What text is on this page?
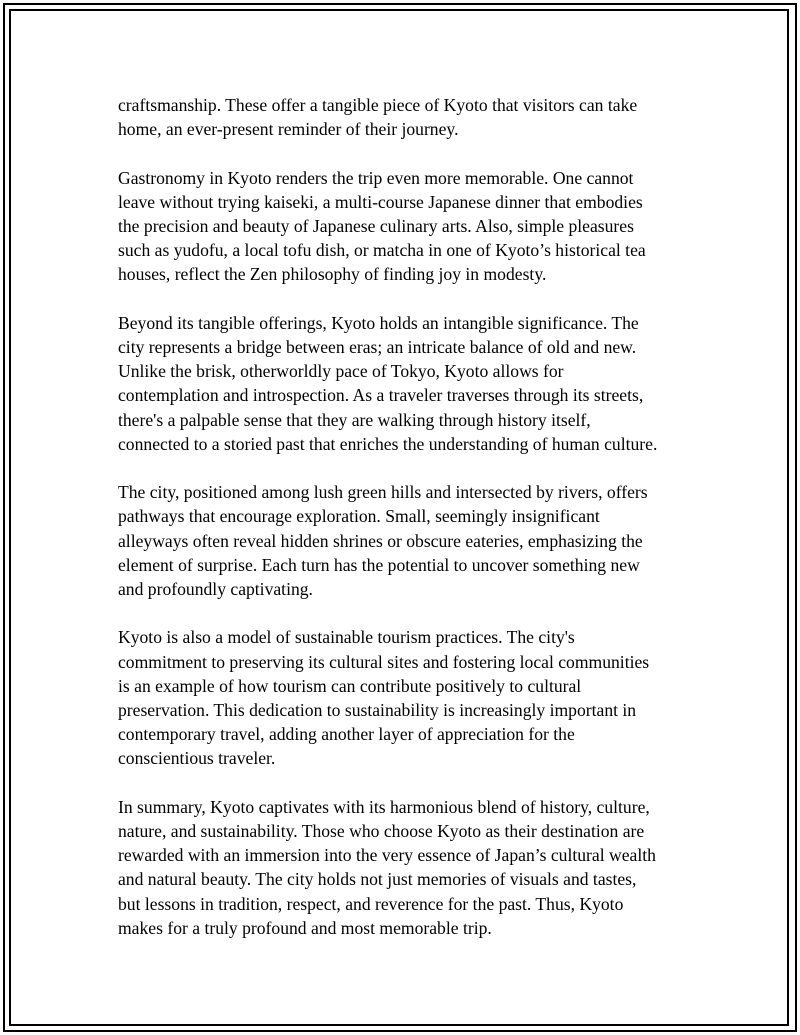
craftsmanship. These offer a tangible piece of Kyoto that visitors can take
home, an ever-present reminder of their journey.

Gastronomy in Kyoto renders the trip even more memorable. One cannot
leave without trying kaiseki, a multi-course Japanese dinner that embodies
the precision and beauty of Japanese culinary arts. Also, simple pleasures
such as yudofu, a local tofu dish, or matcha in one of Kyoto’s historical tea
houses, reflect the Zen philosophy of finding joy in modesty.

Beyond its tangible offerings, Kyoto holds an intangible significance. The
city represents a bridge between eras; an intricate balance of old and new.
Unlike the brisk, otherworldly pace of Tokyo, Kyoto allows for
contemplation and introspection. As a traveler traverses through its streets,
there's a palpable sense that they are walking through history itself,
connected to a storied past that enriches the understanding of human culture.

The city, positioned among lush green hills and intersected by rivers, offers
pathways that encourage exploration. Small, seemingly insignificant
alleyways often reveal hidden shrines or obscure eateries, emphasizing the
element of surprise. Each turn has the potential to uncover something new
and profoundly captivating.

Kyoto is also a model of sustainable tourism practices. The city's
commitment to preserving its cultural sites and fostering local communities
is an example of how tourism can contribute positively to cultural
preservation. This dedication to sustainability is increasingly important in
contemporary travel, adding another layer of appreciation for the
conscientious traveler.

In summary, Kyoto captivates with its harmonious blend of history, culture,
nature, and sustainability. Those who choose Kyoto as their destination are
rewarded with an immersion into the very essence of Japan’s cultural wealth
and natural beauty. The city holds not just memories of visuals and tastes,
but lessons in tradition, respect, and reverence for the past. Thus, Kyoto
makes for a truly profound and most memorable trip.
